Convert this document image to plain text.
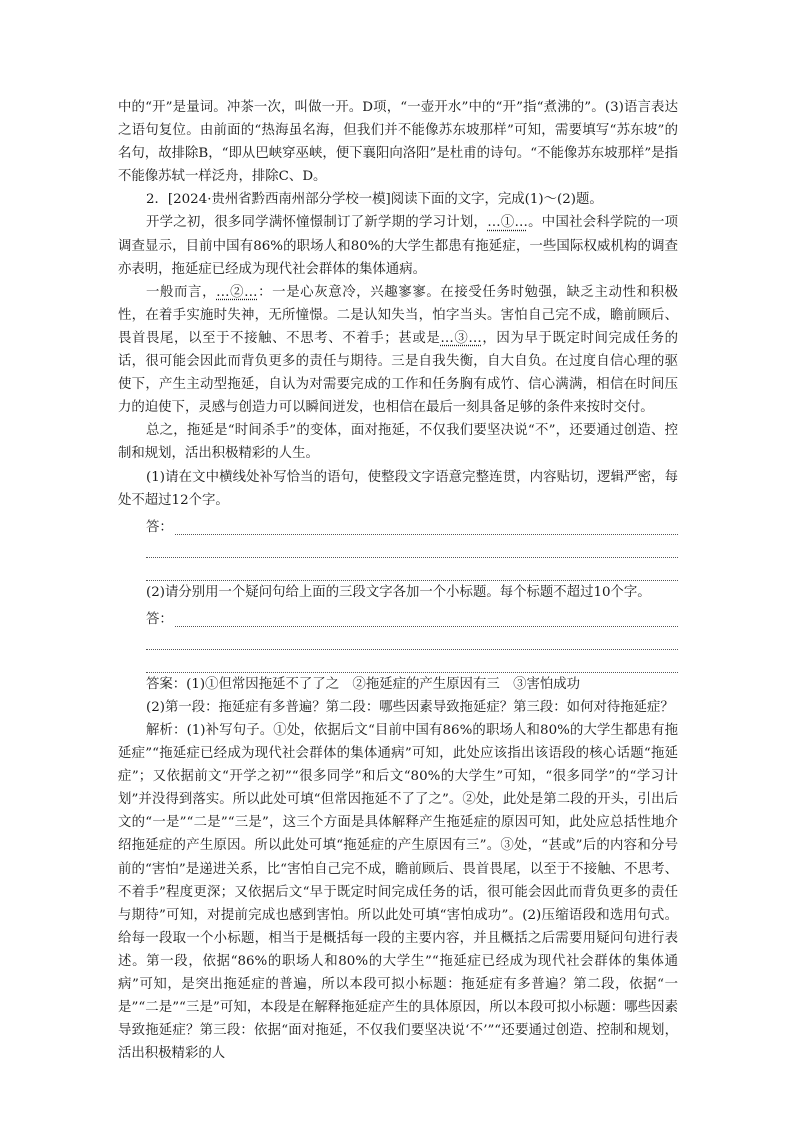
中的“开”是量词。冲茶一次，叫做一开。D项，“一壶开水”中的“开”指“煮沸的”。(3)语言表达之语句复位。由前面的“热海虽名海，但我们并不能像苏东坡那样”可知，需要填写“苏东坡”的名句，故排除B，“即从巴峡穿巫峡，便下襄阳向洛阳”是杜甫的诗句。“不能像苏东坡那样”是指不能像苏轼一样泛舟，排除C、D。

2．[2024·贵州省黔西南州部分学校一模]阅读下面的文字，完成(1)～(2)题。

开学之初，很多同学满怀憧憬制订了新学期的学习计划，…①…。中国社会科学院的一项调查显示，目前中国有86%的职场人和80%的大学生都患有拖延症，一些国际权威机构的调查亦表明，拖延症已经成为现代社会群体的集体通病。

一般而言，…②…：一是心灰意冷，兴趣寥寥。在接受任务时勉强，缺乏主动性和积极性，在着手实施时失神，无所憧憬。二是认知失当，怕字当头。害怕自己完不成，瞻前顾后、畏首畏尾，以至于不接触、不思考、不着手；甚或是…③…，因为早于既定时间完成任务的话，很可能会因此而背负更多的责任与期待。三是自我失衡，自大自负。在过度自信心理的驱使下，产生主动型拖延，自认为对需要完成的工作和任务胸有成竹、信心满满，相信在时间压力的迫使下，灵感与创造力可以瞬间迸发，也相信在最后一刻具备足够的条件来按时交付。

总之，拖延是“时间杀手”的变体，面对拖延，不仅我们要坚决说“不”，还要通过创造、控制和规划，活出积极精彩的人生。

(1)请在文中横线处补写恰当的语句，使整段文字语意完整连贯，内容贴切，逻辑严密，每处不超过12个字。

答：

(2)请分别用一个疑问句给上面的三段文字各加一个小标题。每个标题不超过10个字。

答：

答案：(1)①但常因拖延不了了之　②拖延症的产生原因有三　③害怕成功

(2)第一段：拖延症有多普遍？第二段：哪些因素导致拖延症？第三段：如何对待拖延症？

解析：(1)补写句子。①处，依据后文“目前中国有86%的职场人和80%的大学生都患有拖延症”“拖延症已经成为现代社会群体的集体通病”可知，此处应该指出该语段的核心话题“拖延症”；又依据前文“开学之初”“很多同学”和后文“80%的大学生”可知，“很多同学”的“学习计划”并没得到落实。所以此处可填“但常因拖延不了了之”。②处，此处是第二段的开头，引出后文的“一是”“二是”“三是”，这三个方面是具体解释产生拖延症的原因可知，此处应总括性地介绍拖延症的产生原因。所以此处可填“拖延症的产生原因有三”。③处，“甚或”后的内容和分号前的“害怕”是递进关系，比“害怕自己完不成，瞻前顾后、畏首畏尾，以至于不接触、不思考、不着手”程度更深；又依据后文“早于既定时间完成任务的话，很可能会因此而背负更多的责任与期待”可知，对提前完成也感到害怕。所以此处可填“害怕成功”。(2)压缩语段和选用句式。给每一段取一个小标题，相当于是概括每一段的主要内容，并且概括之后需要用疑问句进行表述。第一段，依据“86%的职场人和80%的大学生”“拖延症已经成为现代社会群体的集体通病”可知，是突出拖延症的普遍，所以本段可拟小标题：拖延症有多普遍？第二段，依据“一是”“二是”“三是”可知，本段是在解释拖延症产生的具体原因，所以本段可拟小标题：哪些因素导致拖延症？第三段：依据“面对拖延，不仅我们要坚决说‘不’”“还要通过创造、控制和规划，活出积极精彩的人
